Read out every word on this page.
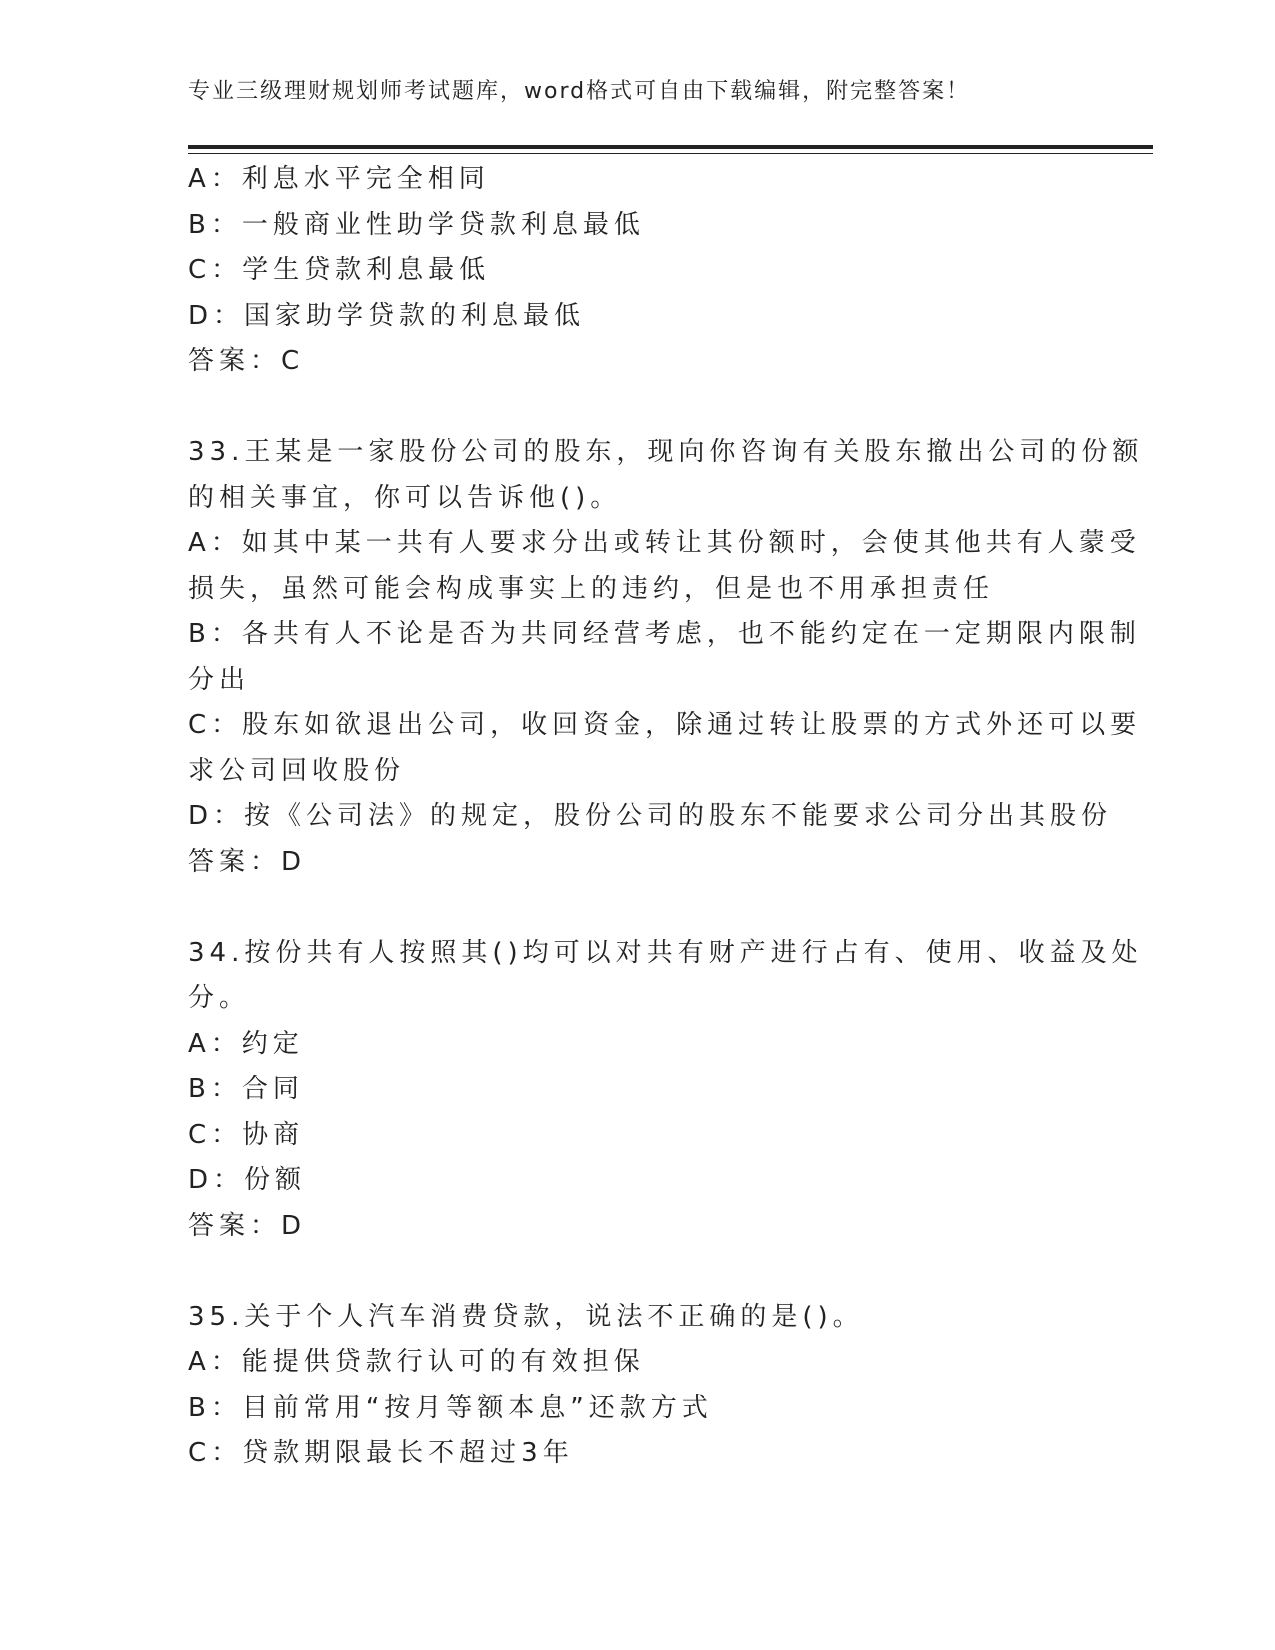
专业三级理财规划师考试题库，word格式可自由下载编辑，附完整答案！
A：利息水平完全相同
B：一般商业性助学贷款利息最低
C：学生贷款利息最低
D：国家助学贷款的利息最低
答案：C
33.王某是一家股份公司的股东，现向你咨询有关股东撤出公司的份额
的相关事宜，你可以告诉他()。
A：如其中某一共有人要求分出或转让其份额时，会使其他共有人蒙受
损失，虽然可能会构成事实上的违约，但是也不用承担责任
B：各共有人不论是否为共同经营考虑，也不能约定在一定期限内限制
分出
C：股东如欲退出公司，收回资金，除通过转让股票的方式外还可以要
求公司回收股份
D：按《公司法》的规定，股份公司的股东不能要求公司分出其股份
答案：D
34.按份共有人按照其()均可以对共有财产进行占有、使用、收益及处
分。
A：约定
B：合同
C：协商
D：份额
答案：D
35.关于个人汽车消费贷款，说法不正确的是()。
A：能提供贷款行认可的有效担保
B：目前常用“按月等额本息”还款方式
C：贷款期限最长不超过3年
